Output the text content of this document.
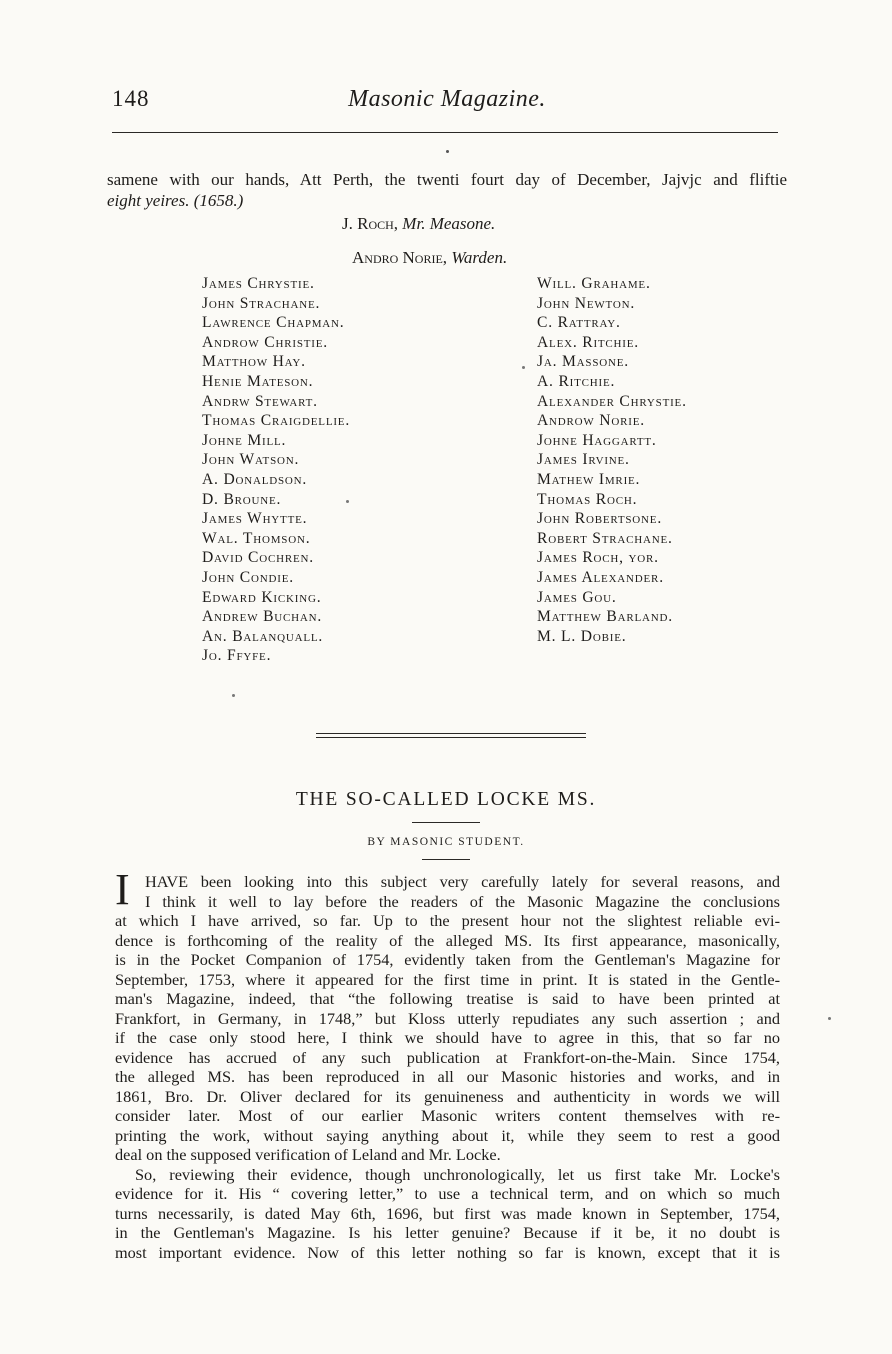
148	Masonic Magazine.
samene with our hands, Att Perth, the twenti fourt day of December, Jajvjc and fliftie
eight yeires. (1658.)
J. Roch, Mr. Measone.
Andro Norie, Warden.
James Chrystie.
John Strachane.
Lawrence Chapman.
Androw Christie.
Matthow Hay.
Henie Mateson.
Andrw Stewart.
Thomas Craigdellie.
Johne Mill.
John Watson.
A. Donaldson.
D. Broune.
James Whytte.
Wal. Thomson.
David Cochren.
John Condie.
Edward Kicking.
Andrew Buchan.
An. Balanquall.
Jo. Ffyfe.
Will. Grahame.
John Newton.
C. Rattray.
Alex. Ritchie.
Ja. Massone.
A. Ritchie.
Alexander Chrystie.
Androw Norie.
Johne Haggartt.
James Irvine.
Mathew Imrie.
Thomas Roch.
John Robertsone.
Robert Strachane.
James Roch, yor.
James Alexander.
James Gou.
Matthew Barland.
M. L. Dobie.
THE SO-CALLED LOCKE MS.
BY MASONIC STUDENT.
I HAVE been looking into this subject very carefully lately for several reasons, and
I think it well to lay before the readers of the Masonic Magazine the conclusions
at which I have arrived, so far. Up to the present hour not the slightest reliable evi-
dence is forthcoming of the reality of the alleged MS. Its first appearance, masonically,
is in the Pocket Companion of 1754, evidently taken from the Gentleman's Magazine for
September, 1753, where it appeared for the first time in print. It is stated in the Gentle-
man's Magazine, indeed, that “the following treatise is said to have been printed at
Frankfort, in Germany, in 1748,” but Kloss utterly repudiates any such assertion ; and
if the case only stood here, I think we should have to agree in this, that so far no
evidence has accrued of any such publication at Frankfort-on-the-Main. Since 1754,
the alleged MS. has been reproduced in all our Masonic histories and works, and in
1861, Bro. Dr. Oliver declared for its genuineness and authenticity in words we will
consider later. Most of our earlier Masonic writers content themselves with re-
printing the work, without saying anything about it, while they seem to rest a good
deal on the supposed verification of Leland and Mr. Locke.
So, reviewing their evidence, though unchronologically, let us first take Mr. Locke's
evidence for it. His “ covering letter,” to use a technical term, and on which so much
turns necessarily, is dated May 6th, 1696, but first was made known in September, 1754,
in the Gentleman's Magazine. Is his letter genuine? Because if it be, it no doubt is
most important evidence. Now of this letter nothing so far is known, except that it is
